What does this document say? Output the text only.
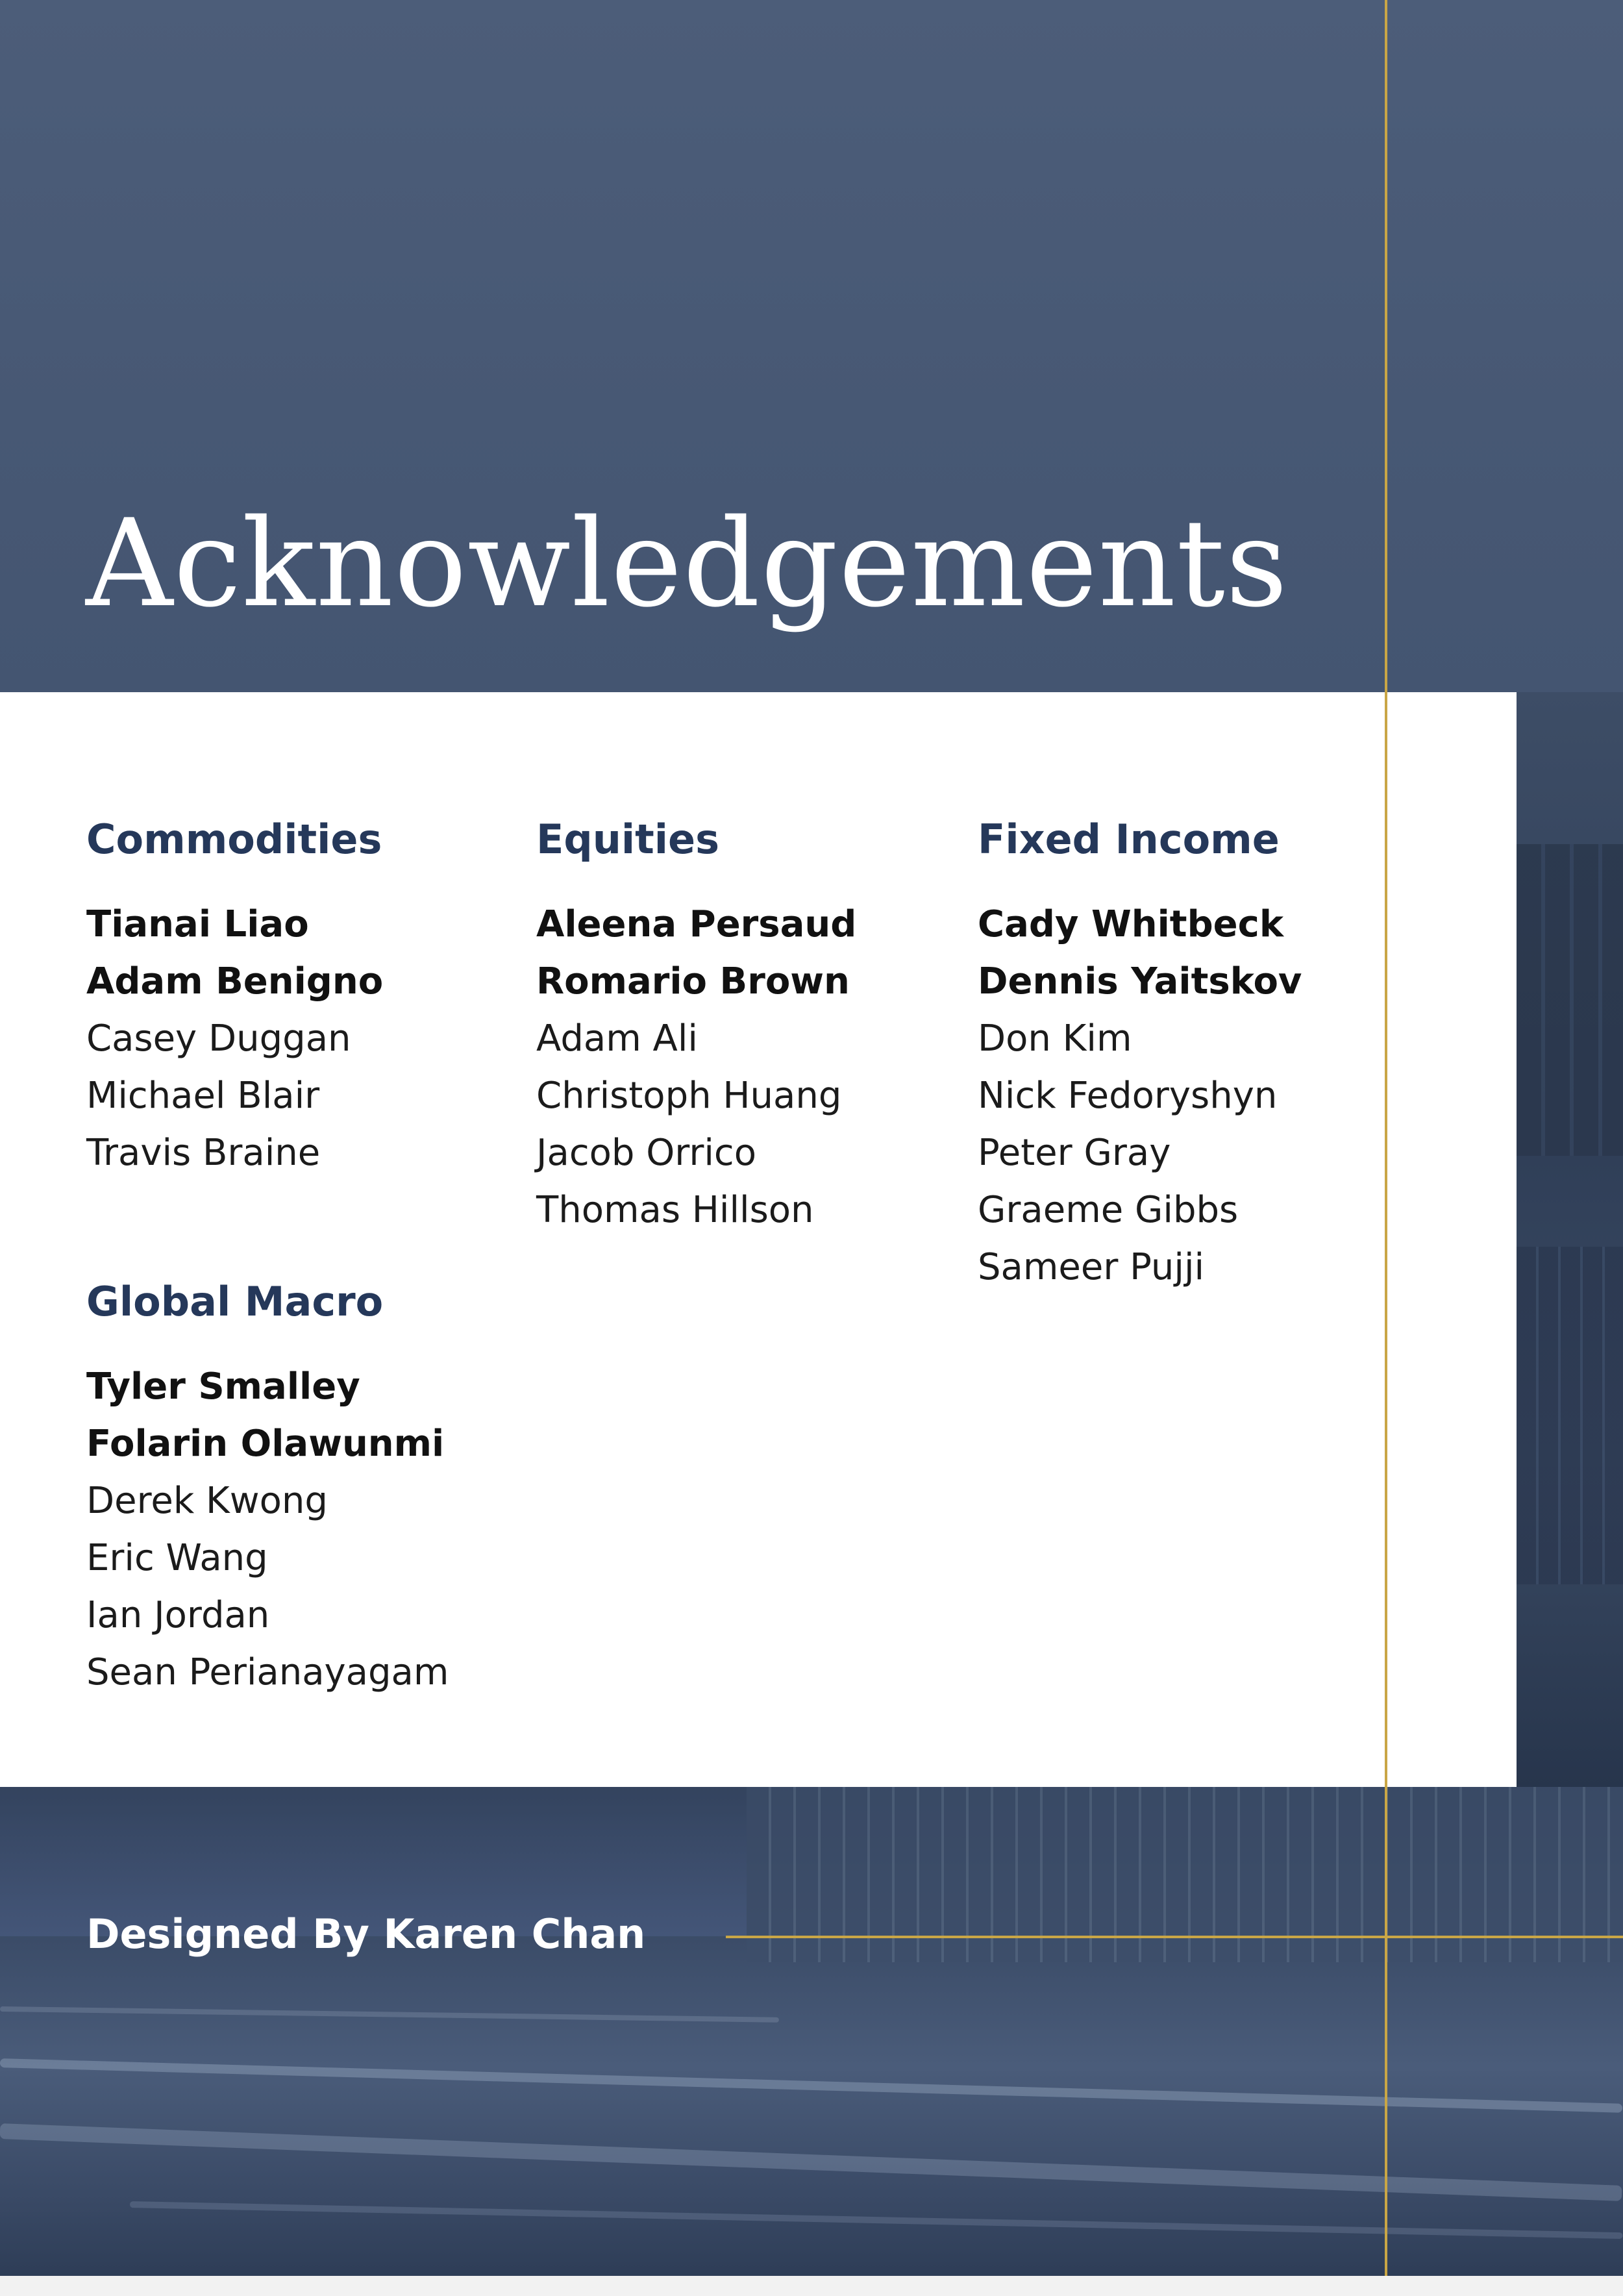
Acknowledgements
Commodities
Tianai Liao
Adam Benigno
Casey Duggan
Michael Blair
Travis Braine
Equities
Aleena Persaud
Romario Brown
Adam Ali
Christoph Huang
Jacob Orrico
Thomas Hillson
Fixed Income
Cady Whitbeck
Dennis Yaitskov
Don Kim
Nick Fedoryshyn
Peter Gray
Graeme Gibbs
Sameer Pujji
Global Macro
Tyler Smalley
Folarin Olawunmi
Derek Kwong
Eric Wang
Ian Jordan
Sean Perianayagam

Designed By Karen Chan
